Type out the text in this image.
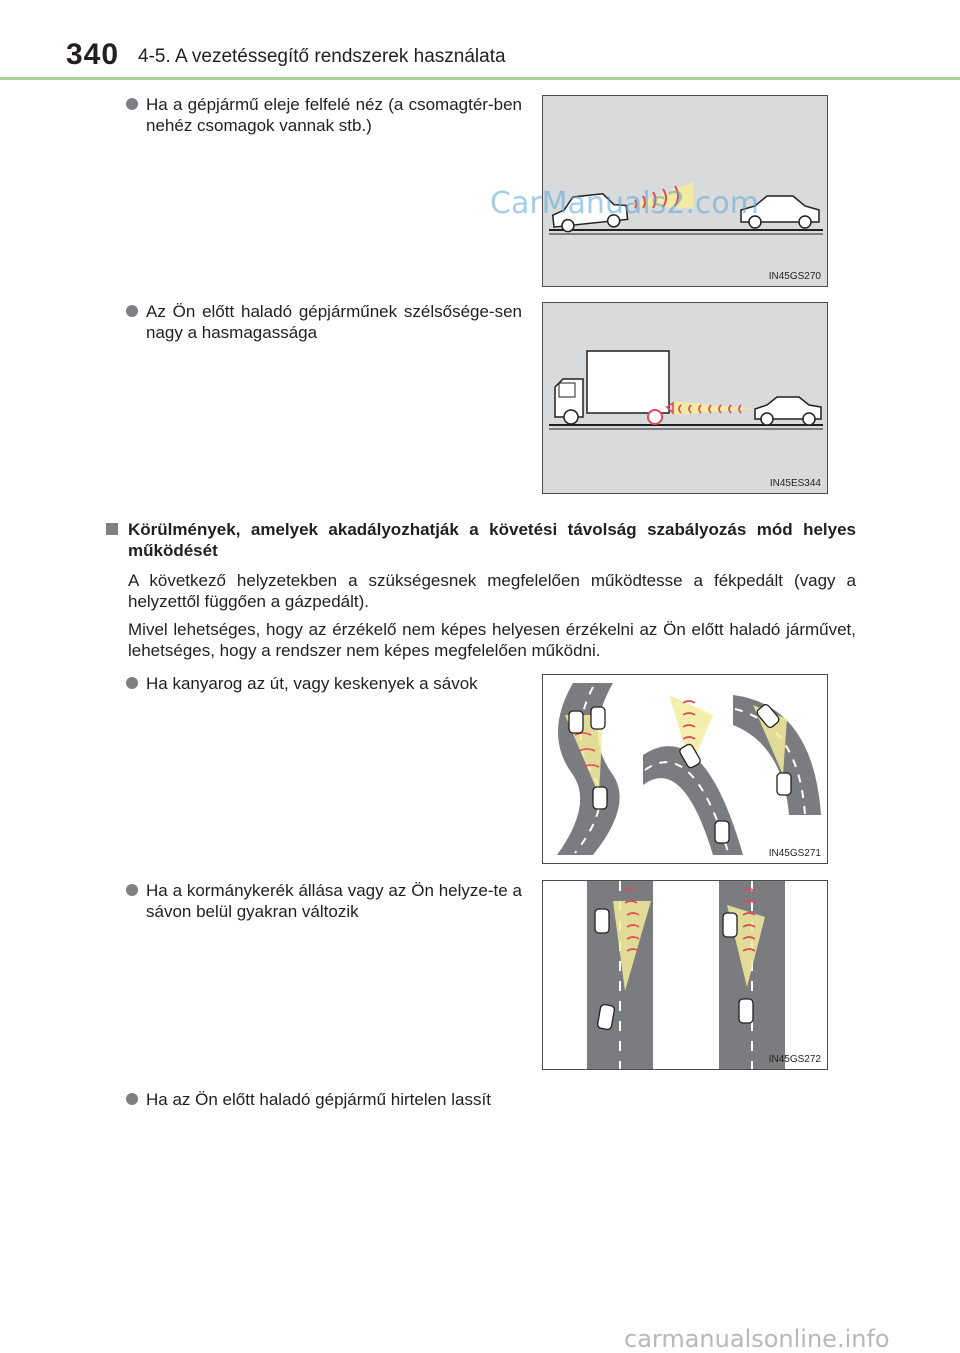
340 4-5. A vezetéssegítő rendszerek használata
Ha a gépjármű eleje felfelé néz (a csomagtér-ben nehéz csomagok vannak stb.)
IN45GS270
CarManuals2.com
Az Ön előtt haladó gépjárműnek szélsősége-sen nagy a hasmagassága
IN45ES344
Körülmények, amelyek akadályozhatják a követési távolság szabályozás mód helyes működését
A következő helyzetekben a szükségesnek megfelelően működtesse a fékpedált (vagy a helyzettől függően a gázpedált).
Mivel lehetséges, hogy az érzékelő nem képes helyesen érzékelni az Ön előtt haladó járművet, lehetséges, hogy a rendszer nem képes megfelelően működni.
Ha kanyarog az út, vagy keskenyek a sávok
IN45GS271
Ha a kormánykerék állása vagy az Ön helyze-te a sávon belül gyakran változik
IN45GS272
Ha az Ön előtt haladó gépjármű hirtelen lassít
carmanualsonline.info
